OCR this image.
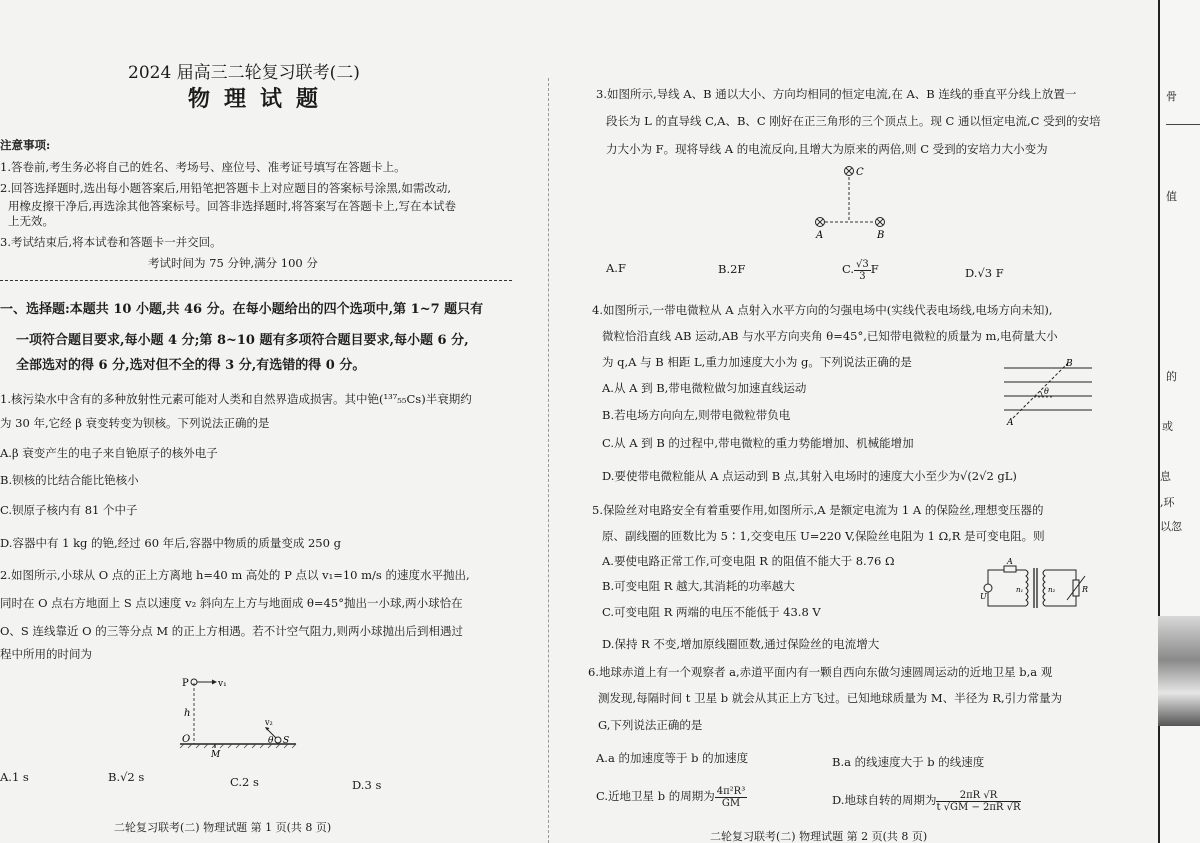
2024 届高三二轮复习联考(二)
物理试题
注意事项:
1.答卷前,考生务必将自己的姓名、考场号、座位号、准考证号填写在答题卡上。
2.回答选择题时,选出每小题答案后,用铅笔把答题卡上对应题目的答案标号涂黑,如需改动,
用橡皮擦干净后,再选涂其他答案标号。回答非选择题时,将答案写在答题卡上,写在本试卷
上无效。
3.考试结束后,将本试卷和答题卡一并交回。
考试时间为 75 分钟,满分 100 分
一、选择题:本题共 10 小题,共 46 分。在每小题给出的四个选项中,第 1~7 题只有
一项符合题目要求,每小题 4 分;第 8~10 题有多项符合题目要求,每小题 6 分,
全部选对的得 6 分,选对但不全的得 3 分,有选错的得 0 分。
1.核污染水中含有的多种放射性元素可能对人类和自然界造成损害。其中铯(¹³⁷₅₅Cs)半衰期约
为 30 年,它经 β 衰变转变为钡核。下列说法正确的是
A.β 衰变产生的电子来自铯原子的核外电子
B.钡核的比结合能比铯核小
C.钡原子核内有 81 个中子
D.容器中有 1 kg 的铯,经过 60 年后,容器中物质的质量变成 250 g
2.如图所示,小球从 O 点的正上方离地 h=40 m 高处的 P 点以 v₁=10 m/s 的速度水平抛出,
同时在 O 点右方地面上 S 点以速度 v₂ 斜向左上方与地面成 θ=45°抛出一小球,两小球恰在
O、S 连线靠近 O 的三等分点 M 的正上方相遇。若不计空气阻力,则两小球抛出后到相遇过
程中所用的时间为
P	v₁
h
O
M
v₂
θ S
A.1 s	B.√2 s	C.2 s	D.3 s
二轮复习联考(二) 物理试题 第 1 页(共 8 页)
3.如图所示,导线 A、B 通以大小、方向均相同的恒定电流,在 A、B 连线的垂直平分线上放置一
段长为 L 的直导线 C,A、B、C 刚好在正三角形的三个顶点上。现 C 通以恒定电流,C 受到的安培
力大小为 F。现将导线 A 的电流反向,且增大为原来的两倍,则 C 受到的安培力大小变为
C
A	B
A.F	B.2F	C. $\frac{√3}{3}$ F	D.√3 F
4.如图所示,一带电微粒从 A 点射入水平方向的匀强电场中(实线代表电场线,电场方向未知),
微粒恰沿直线 AB 运动,AB 与水平方向夹角 θ=45°,已知带电微粒的质量为 m,电荷量大小
为 q,A 与 B 相距 L,重力加速度大小为 g。下列说法正确的是
A.从 A 到 B,带电微粒做匀加速直线运动
B.若电场方向向左,则带电微粒带负电
C.从 A 到 B 的过程中,带电微粒的重力势能增加、机械能增加
D.要使带电微粒能从 A 点运动到 B 点,其射入电场时的速度大小至少为√(2√2 gL)
θ
B
A
5.保险丝对电路安全有着重要作用,如图所示,A 是额定电流为 1 A 的保险丝,理想变压器的
原、副线圈的匝数比为 5∶1,交变电压 U=220 V,保险丝电阻为 1 Ω,R 是可变电阻。则
A.要使电路正常工作,可变电阻 R 的阻值不能大于 8.76 Ω
B.可变电阻 R 越大,其消耗的功率越大
C.可变电阻 R 两端的电压不能低于 43.8 V
D.保持 R 不变,增加原线圈匝数,通过保险丝的电流增大
A
U
n₁	n₂	R
6.地球赤道上有一个观察者 a,赤道平面内有一颗自西向东做匀速圆周运动的近地卫星 b,a 观
测发现,每隔时间 t 卫星 b 就会从其正上方飞过。已知地球质量为 M、半径为 R,引力常量为
G,下列说法正确的是
A.a 的加速度等于 b 的加速度	B.a 的线速度大于 b 的线速度
C.近地卫星 b 的周期为 $\frac{\text{4π²R³}}{GM}$	D.地球自转的周期为 $\frac{2\pi R √R}{t √GM - 2\pi R √R}$
二轮复习联考(二) 物理试题 第 2 页(共 8 页)
骨
值
的
或
息
,环
以忽
